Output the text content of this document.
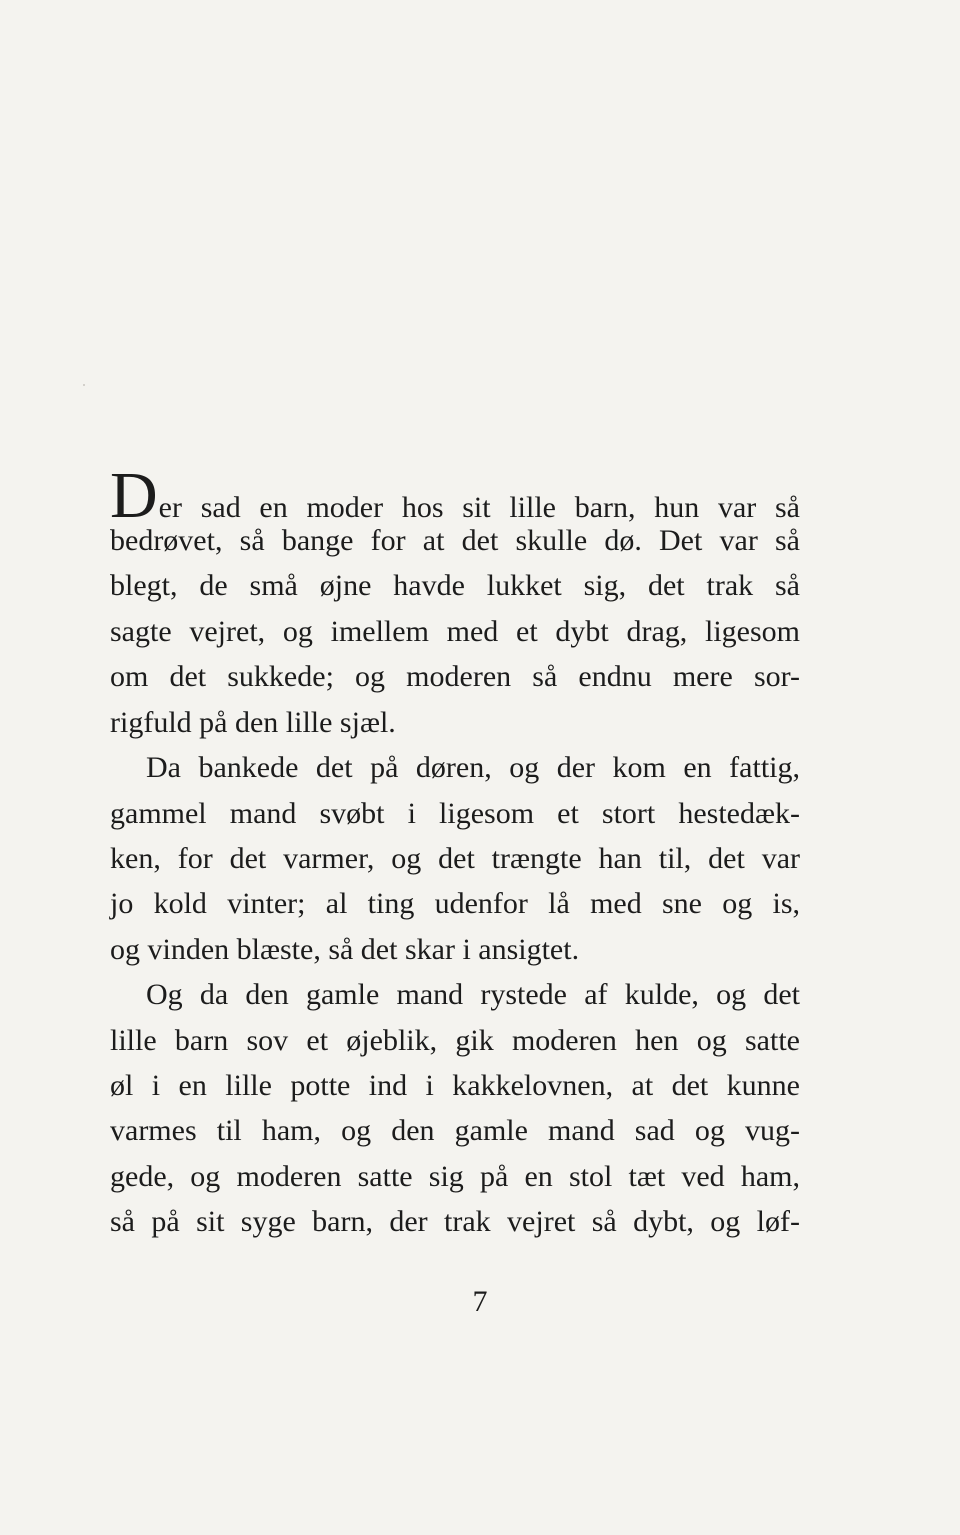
Der sad en moder hos sit lille barn, hun var så
bedrøvet, så bange for at det skulle dø. Det var så
blegt, de små øjne havde lukket sig, det trak så
sagte vejret, og imellem med et dybt drag, ligesom
om det sukkede; og moderen så endnu mere sor-
rigfuld på den lille sjæl.
Da bankede det på døren, og der kom en fattig,
gammel mand svøbt i ligesom et stort hestedæk-
ken, for det varmer, og det trængte han til, det var
jo kold vinter; al ting udenfor lå med sne og is,
og vinden blæste, så det skar i ansigtet.
Og da den gamle mand rystede af kulde, og det
lille barn sov et øjeblik, gik moderen hen og satte
øl i en lille potte ind i kakkelovnen, at det kunne
varmes til ham, og den gamle mand sad og vug-
gede, og moderen satte sig på en stol tæt ved ham,
så på sit syge barn, der trak vejret så dybt, og løf-
7
